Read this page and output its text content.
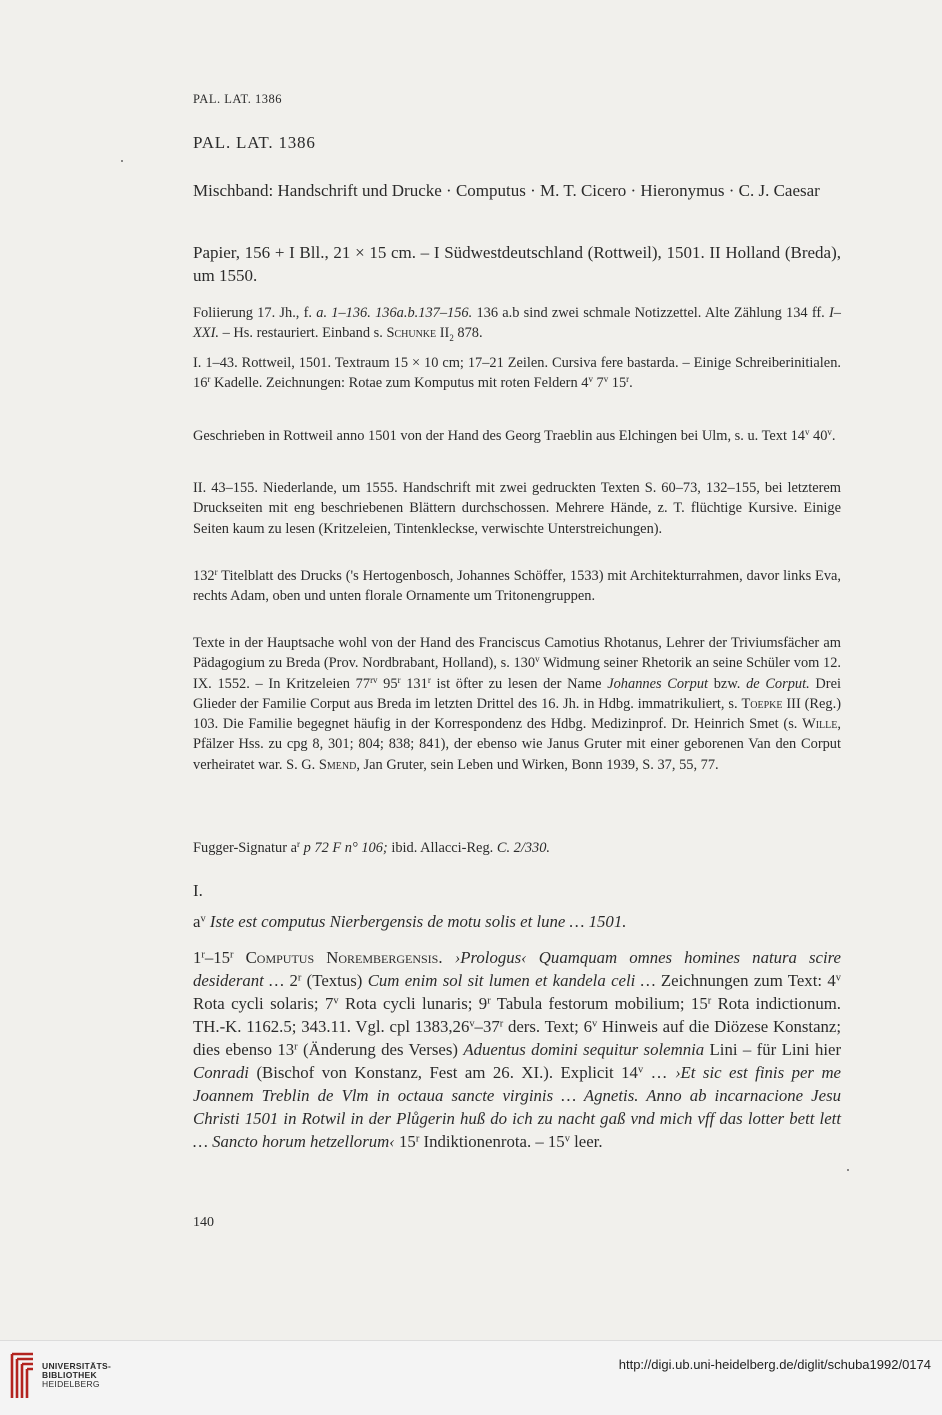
PAL. LAT. 1386
PAL. LAT. 1386
Mischband: Handschrift und Drucke · Computus · M. T. Cicero · Hieronymus · C. J. Caesar
Papier, 156 + I Bll., 21 × 15 cm. – I Südwestdeutschland (Rottweil), 1501. II Holland (Breda), um 1550.
Foliierung 17. Jh., f. a. 1–136. 136a.b.137–156. 136 a.b sind zwei schmale Notizzettel. Alte Zählung 134 ff. I–XXI. – Hs. restauriert. Einband s. Schunke $II_2$ 878.
I. 1–43. Rottweil, 1501. Textraum 15 × 10 cm; 17–21 Zeilen. Cursiva fere bastarda. – Einige Schreiberinitialen. 16$^r$ Kadelle. Zeichnungen: Rotae zum Komputus mit roten Feldern 4$^v$ 7$^v$ 15$^r$.
Geschrieben in Rottweil anno 1501 von der Hand des Georg Traeblin aus Elchingen bei Ulm, s. u. Text 14$^v$ 40$^v$.
II. 43–155. Niederlande, um 1555. Handschrift mit zwei gedruckten Texten S. 60–73, 132–155, bei letzterem Druckseiten mit eng beschriebenen Blättern durchschossen. Mehrere Hände, z. T. flüchtige Kursive. Einige Seiten kaum zu lesen (Kritzeleien, Tintenkleckse, verwischte Unterstreichungen).
132$^r$ Titelblatt des Drucks ('s Hertogenbosch, Johannes Schöffer, 1533) mit Architekturrahmen, davor links Eva, rechts Adam, oben und unten florale Ornamente um Tritonengruppen.
Texte in der Hauptsache wohl von der Hand des Franciscus Camotius Rhotanus, Lehrer der Triviumsfächer am Pädagogium zu Breda (Prov. Nordbrabant, Holland), s. 130$^v$ Widmung seiner Rhetorik an seine Schüler vom 12. IX. 1552. – In Kritzeleien $77^{rv}$ 95$^r$ 131$^r$ ist öfter zu lesen der Name Johannes Corput bzw. de Corput. Drei Glieder der Familie Corput aus Breda im letzten Drittel des 16. Jh. in Hdbg. immatrikuliert, s. Toepke III (Reg.) 103. Die Familie begegnet häufig in der Korrespondenz des Hdbg. Medizinprof. Dr. Heinrich Smet (s. Wille, Pfälzer Hss. zu cpg 8, 301; 804; 838; 841), der ebenso wie Janus Gruter mit einer geborenen Van den Corput verheiratet war. S. G. Smend, Jan Gruter, sein Leben und Wirken, Bonn 1939, S. 37, 55, 77.
Fugger-Signatur $a^r$ p 72 F n° 106; ibid. Allacci-Reg. C. 2/330.
I.
$a^v$ Iste est computus Nierbergensis de motu solis et lune … 1501.
1$^r$–15$^r$ Computus Norembergensis. ›Prologus‹ Quamquam omnes homines natura scire desiderant … 2$^r$ (Textus) Cum enim sol sit lumen et kandela celi … Zeichnungen zum Text: 4$^v$ Rota cycli solaris; 7$^v$ Rota cycli lunaris; 9$^r$ Tabula festorum mobilium; 15$^r$ Rota indictionum. TH.-K. 1162.5; 343.11. Vgl. cpl 1383,26$^v$–37$^r$ ders. Text; 6$^v$ Hinweis auf die Diözese Konstanz; dies ebenso 13$^r$ (Änderung des Verses) Aduentus domini sequitur solemnia Lini – für Lini hier Conradi (Bischof von Konstanz, Fest am 26. XI.). Explicit 14$^v$ … ›Et sic est finis per me Joannem Treblin de Vlm in octaua sancte virginis … Agnetis. Anno ab incarnacione Jesu Christi 1501 in Rotwil in der Plůgerin huß do ich zu nacht gaß vnd mich vff das lotter bett lett … Sancto horum hetzellorum‹ 15$^r$ Indiktionenrota. – 15$^v$ leer.
140
UNIVERSITÄTS-
BIBLIOTHEK
HEIDELBERG
http://digi.ub.uni-heidelberg.de/diglit/schuba1992/0174
